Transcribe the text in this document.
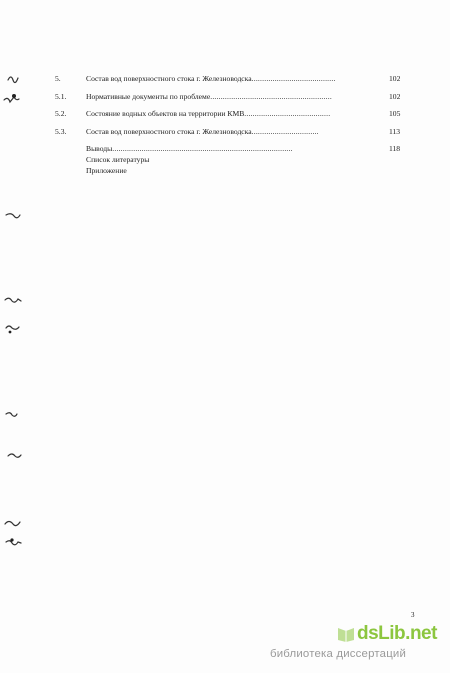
5.	Состав вод поверхностного стока г. Железноводска........................................	102
5.1.	Нормативные документы по проблеме..........................................................	102
5.2.	Состояние водных объектов на территории КМВ.........................................	105
5.3.	Состав вод поверхностного стока г. Железноводска................................	113
Выводы......................................................................................	118
Список литературы
Приложение
3
dsLib.net
библиотека диссертаций
